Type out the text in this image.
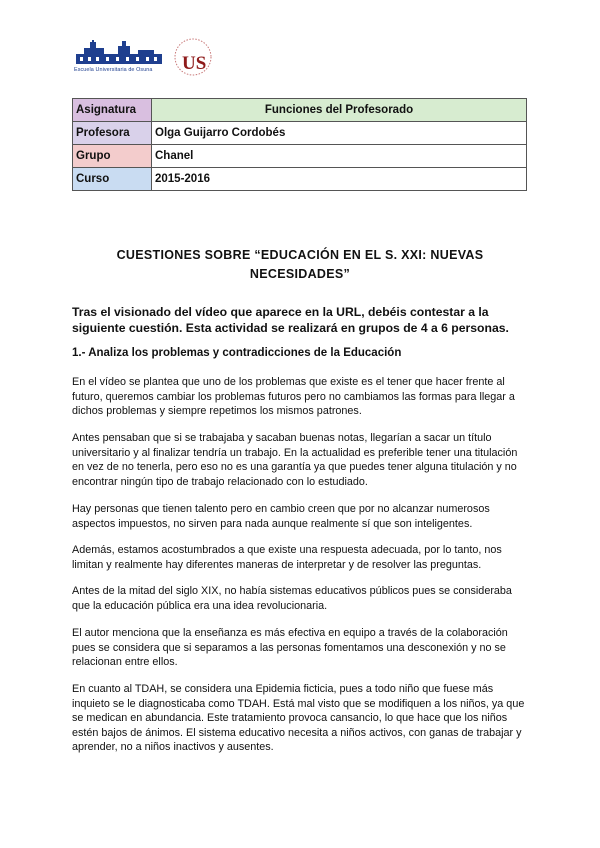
Escuela Universitaria de Osuna US
Asignatura	Funciones del Profesorado
Profesora	Olga Guijarro Cordobés
Grupo	Chanel
Curso	2015-2016
CUESTIONES SOBRE “EDUCACIÓN EN EL S. XXI: NUEVAS NECESIDADES”
Tras el visionado del vídeo que aparece en la URL, debéis contestar a la siguiente cuestión. Esta actividad se realizará en grupos de 4 a 6 personas.
1.- Analiza los problemas y contradicciones de la Educación
En el vídeo se plantea que uno de los problemas que existe es el tener que hacer frente al futuro, queremos cambiar los problemas futuros pero no cambiamos las formas para llegar a dichos problemas y siempre repetimos los mismos patrones.
Antes pensaban que si se trabajaba y sacaban buenas notas, llegarían a sacar un título universitario y al finalizar tendría un trabajo. En la actualidad es preferible tener una titulación en vez de no tenerla, pero eso no es una garantía ya que puedes tener alguna titulación y no encontrar ningún tipo de trabajo relacionado con lo estudiado.
Hay personas que tienen talento pero en cambio creen que por no alcanzar numerosos aspectos impuestos, no sirven para nada aunque realmente sí que son inteligentes.
Además, estamos acostumbrados a que existe una respuesta adecuada, por lo tanto, nos limitan y realmente hay diferentes maneras de interpretar y de resolver las preguntas.
Antes de la mitad del siglo XIX, no había sistemas educativos públicos pues se consideraba que la educación pública era una idea revolucionaria.
El autor menciona que la enseñanza es más efectiva en equipo a través de la colaboración pues se considera que si separamos a las personas fomentamos una desconexión y no se relacionan entre ellos.
En cuanto al TDAH, se considera una Epidemia ficticia, pues a todo niño que fuese más inquieto se le diagnosticaba como TDAH. Está mal visto que se modifiquen a los niños, ya que se medican en abundancia. Este tratamiento provoca cansancio, lo que hace que los niños estén bajos de ánimos. El sistema educativo necesita a niños activos, con ganas de trabajar y aprender, no a niños inactivos y ausentes.
